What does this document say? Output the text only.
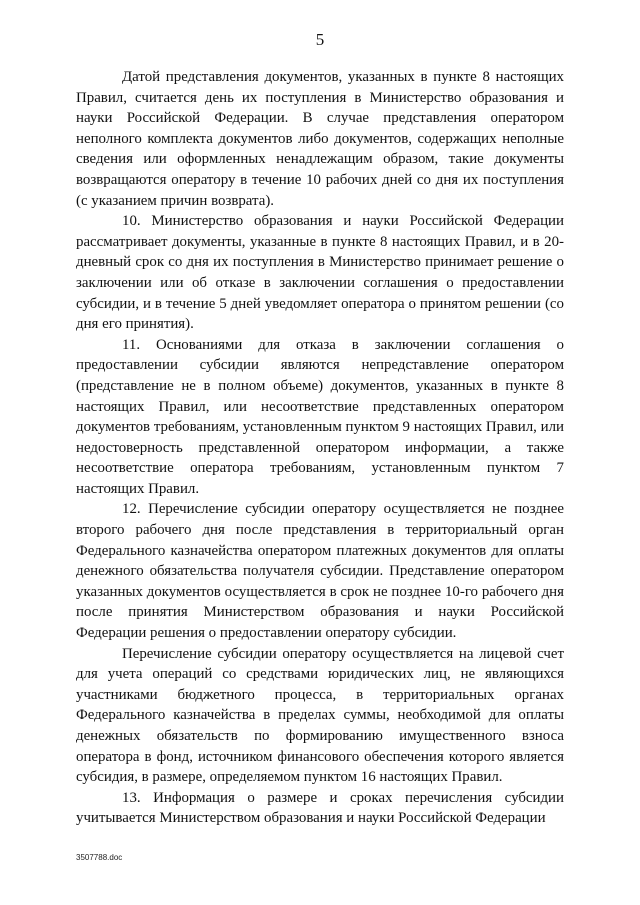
5

Датой представления документов, указанных в пункте 8 настоящих Правил, считается день их поступления в Министерство образования и науки Российской Федерации. В случае представления оператором неполного комплекта документов либо документов, содержащих неполные сведения или оформленных ненадлежащим образом, такие документы возвращаются оператору в течение 10 рабочих дней со дня их поступления (с указанием причин возврата).

10. Министерство образования и науки Российской Федерации рассматривает документы, указанные в пункте 8 настоящих Правил, и в 20-дневный срок со дня их поступления в Министерство принимает решение о заключении или об отказе в заключении соглашения о предоставлении субсидии, и в течение 5 дней уведомляет оператора о принятом решении (со дня его принятия).

11. Основаниями для отказа в заключении соглашения о предоставлении субсидии являются непредставление оператором (представление не в полном объеме) документов, указанных в пункте 8 настоящих Правил, или несоответствие представленных оператором документов требованиям, установленным пунктом 9 настоящих Правил, или недостоверность представленной оператором информации, а также несоответствие оператора требованиям, установленным пунктом 7 настоящих Правил.

12. Перечисление субсидии оператору осуществляется не позднее второго рабочего дня после представления в территориальный орган Федерального казначейства оператором платежных документов для оплаты денежного обязательства получателя субсидии. Представление оператором указанных документов осуществляется в срок не позднее 10-го рабочего дня после принятия Министерством образования и науки Российской Федерации решения о предоставлении оператору субсидии.

Перечисление субсидии оператору осуществляется на лицевой счет для учета операций со средствами юридических лиц, не являющихся участниками бюджетного процесса, в территориальных органах Федерального казначейства в пределах суммы, необходимой для оплаты денежных обязательств по формированию имущественного взноса оператора в фонд, источником финансового обеспечения которого является субсидия, в размере, определяемом пунктом 16 настоящих Правил.

13. Информация о размере и сроках перечисления субсидии учитывается Министерством образования и науки Российской Федерации

3507788.doc
